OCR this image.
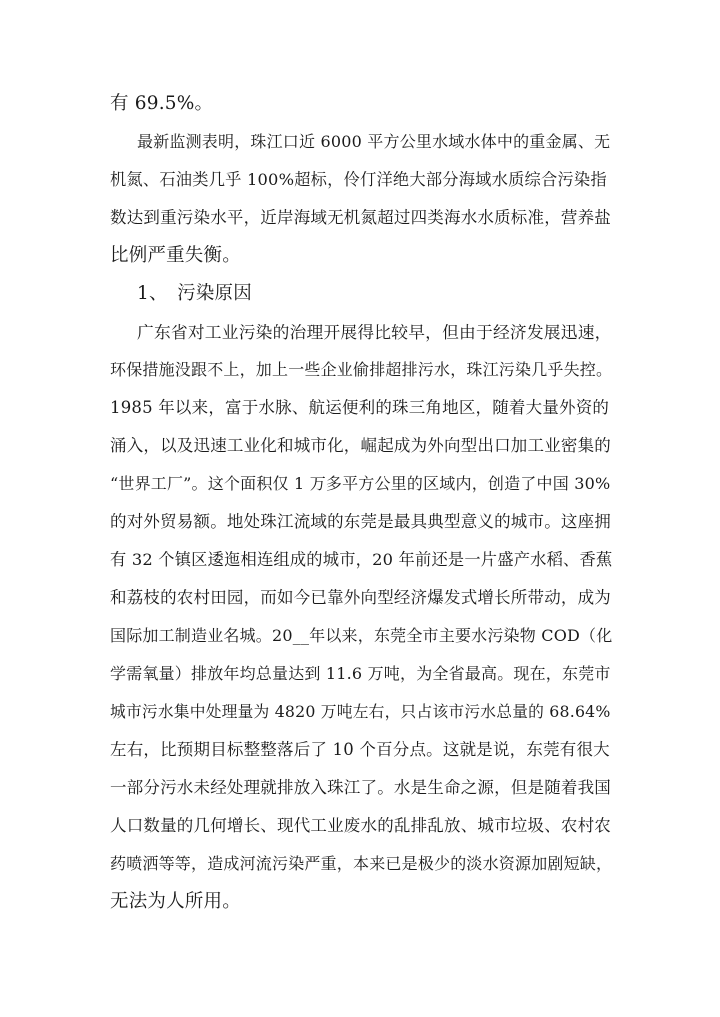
有 69.5%。
最新监测表明，珠江口近 6000 平方公里水域水体中的重金属、无
机氮、石油类几乎 100%超标，伶仃洋绝大部分海域水质综合污染指
数达到重污染水平，近岸海域无机氮超过四类海水水质标准，营养盐
比例严重失衡。
1、　污染原因
广东省对工业污染的治理开展得比较早，但由于经济发展迅速，
环保措施没跟不上，加上一些企业偷排超排污水，珠江污染几乎失控。
1985 年以来，富于水脉、航运便利的珠三角地区，随着大量外资的
涌入，以及迅速工业化和城市化，崛起成为外向型出口加工业密集的
“世界工厂”。这个面积仅 1 万多平方公里的区域内，创造了中国 30%
的对外贸易额。地处珠江流域的东莞是最具典型意义的城市。这座拥
有 32 个镇区逶迤相连组成的城市，20 年前还是一片盛产水稻、香蕉
和荔枝的农村田园，而如今已靠外向型经济爆发式增长所带动，成为
国际加工制造业名城。20__年以来，东莞全市主要水污染物 COD（化
学需氧量）排放年均总量达到 11.6 万吨，为全省最高。现在，东莞市
城市污水集中处理量为 4820 万吨左右，只占该市污水总量的 68.64%
左右，比预期目标整整落后了 10 个百分点。这就是说，东莞有很大
一部分污水未经处理就排放入珠江了。水是生命之源，但是随着我国
人口数量的几何增长、现代工业废水的乱排乱放、城市垃圾、农村农
药喷洒等等，造成河流污染严重，本来已是极少的淡水资源加剧短缺，
无法为人所用。
